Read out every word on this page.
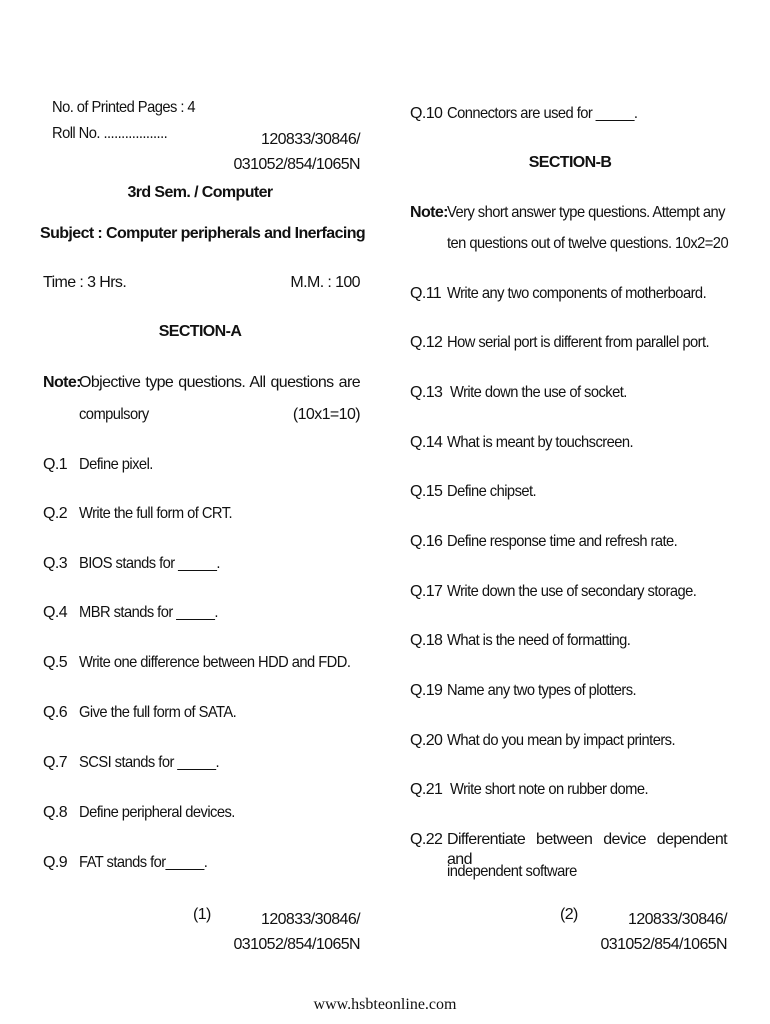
No. of Printed Pages : 4
Roll No. ..................	120833/30846/
031052/854/1065N
3rd Sem. / Computer
Subject : Computer peripherals and Inerfacing
Time : 3 Hrs.	M.M. : 100
SECTION-A
Note:
Objective type questions. All questions are
compulsory	(10x1=10)
Q.1 Define pixel.
Q.2 Write the full form of CRT.
Q.3 BIOS stands for _____.
Q.4 MBR stands for _____.
Q.5 Write one difference between HDD and FDD.
Q.6 Give the full form of SATA.
Q.7 SCSI stands for _____.
Q.8 Define peripheral devices.
Q.9 FAT stands for_____.
(1)	120833/30846/
031052/854/1065N
Q.10 Connectors are used for _____.
SECTION-B
Note: Very short answer type questions. Attempt any
ten questions out of twelve questions. 10x2=20
Q.11 Write any two components of motherboard.
Q.12 How serial port is different from parallel port.
Q.13 Write down the use of socket.
Q.14 What is meant by touchscreen.
Q.15 Define chipset.
Q.16 Define response time and refresh rate.
Q.17 Write down the use of secondary storage.
Q.18 What is the need of formatting.
Q.19 Name any two types of plotters.
Q.20 What do you mean by impact printers.
Q.21 Write short note on rubber dome.
Q.22 Differentiate between device dependent and
independent software
(2)	120833/30846/
031052/854/1065N
www.hsbteonline.com
